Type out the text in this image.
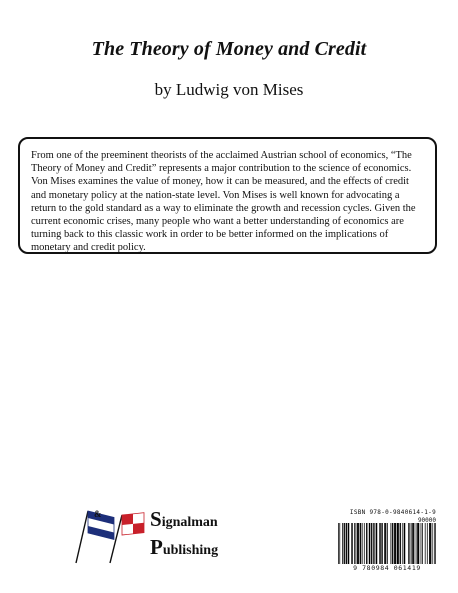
The Theory of Money and Credit
by Ludwig von Mises
From one of the preeminent theorists of the acclaimed Austrian school of economics, “The Theory of Money and Credit” represents a major contribution to the science of economics. Von Mises examines the value of money, how it can be measured, and the effects of credit and monetary policy at the nation-state level. Von Mises is well known for advocating a return to the gold standard as a way to eliminate the growth and recession cycles. Given the current economic crises, many people who want a better understanding of economics are turning back to this classic work in order to be better informed on the implications of monetary and credit policy.
& Signalman
Publishing
ISBN 978-0-9840614-1-9
90000
9 780984 061419
